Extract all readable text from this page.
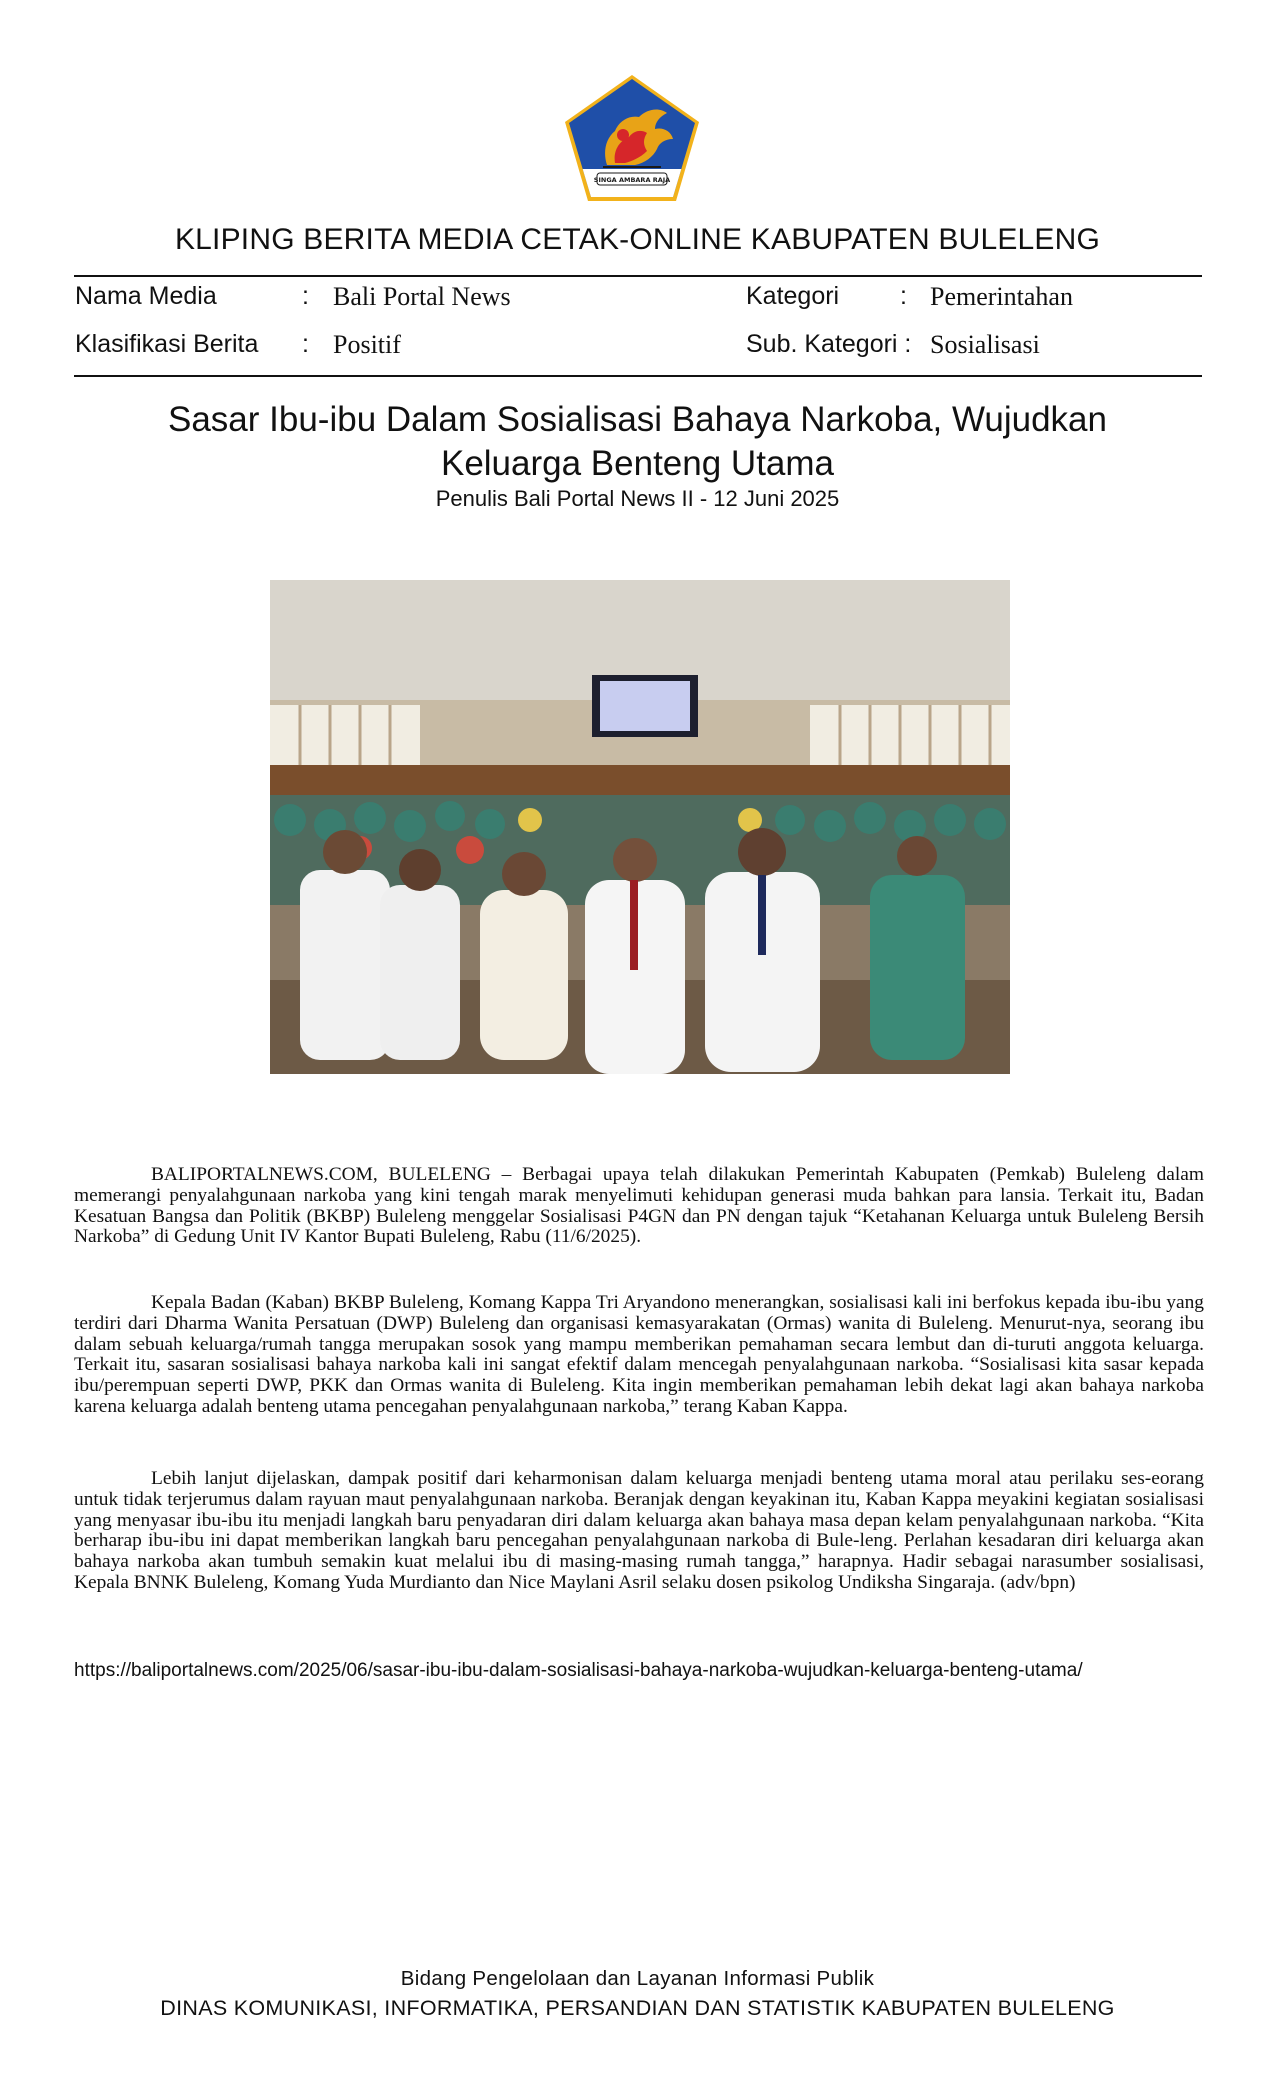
SINGA AMBARA RAJA
KLIPING BERITA MEDIA CETAK-ONLINE KABUPATEN BULELENG
Nama Media	: Bali Portal News	Kategori : Pemerintahan
Klasifikasi Berita : Positif	Sub. Kategori : Sosialisasi
Sasar Ibu-ibu Dalam Sosialisasi Bahaya Narkoba, Wujudkan Keluarga Benteng Utama
Penulis Bali Portal News II - 12 Juni 2025

BALIPORTALNEWS.COM, BULELENG – Berbagai upaya telah dilakukan Pemerintah Kabupaten (Pemkab) Buleleng dalam memerangi penyalahgunaan narkoba yang kini tengah marak menyelimuti kehidupan generasi muda bahkan para lansia. Terkait itu, Badan Kesatuan Bangsa dan Politik (BKBP) Buleleng menggelar Sosialisasi P4GN dan PN dengan tajuk “Ketahanan Keluarga untuk Buleleng Bersih Narkoba” di Gedung Unit IV Kantor Bupati Buleleng, Rabu (11/6/2025).

Kepala Badan (Kaban) BKBP Buleleng, Komang Kappa Tri Aryandono menerangkan, sosialisasi kali ini berfokus kepada ibu-ibu yang terdiri dari Dharma Wanita Persatuan (DWP) Buleleng dan organisasi kemasyarakatan (Ormas) wanita di Buleleng. Menurut-nya, seorang ibu dalam sebuah keluarga/rumah tangga merupakan sosok yang mampu memberikan pemahaman secara lembut dan di-turuti anggota keluarga. Terkait itu, sasaran sosialisasi bahaya narkoba kali ini sangat efektif dalam mencegah penyalahgunaan narkoba. “Sosialisasi kita sasar kepada ibu/perempuan seperti DWP, PKK dan Ormas wanita di Buleleng. Kita ingin memberikan pemahaman lebih dekat lagi akan bahaya narkoba karena keluarga adalah benteng utama pencegahan penyalahgunaan narkoba,” terang Kaban Kappa.

Lebih lanjut dijelaskan, dampak positif dari keharmonisan dalam keluarga menjadi benteng utama moral atau perilaku ses-eorang untuk tidak terjerumus dalam rayuan maut penyalahgunaan narkoba. Beranjak dengan keyakinan itu, Kaban Kappa meyakini kegiatan sosialisasi yang menyasar ibu-ibu itu menjadi langkah baru penyadaran diri dalam keluarga akan bahaya masa depan kelam penyalahgunaan narkoba. “Kita berharap ibu-ibu ini dapat memberikan langkah baru pencegahan penyalahgunaan narkoba di Bule-leng. Perlahan kesadaran diri keluarga akan bahaya narkoba akan tumbuh semakin kuat melalui ibu di masing-masing rumah tangga,” harapnya. Hadir sebagai narasumber sosialisasi, Kepala BNNK Buleleng, Komang Yuda Murdianto dan Nice Maylani Asril selaku dosen psikolog Undiksha Singaraja. (adv/bpn)

https://baliportalnews.com/2025/06/sasar-ibu-ibu-dalam-sosialisasi-bahaya-narkoba-wujudkan-keluarga-benteng-utama/
Bidang Pengelolaan dan Layanan Informasi Publik
DINAS KOMUNIKASI, INFORMATIKA, PERSANDIAN DAN STATISTIK KABUPATEN BULELENG
